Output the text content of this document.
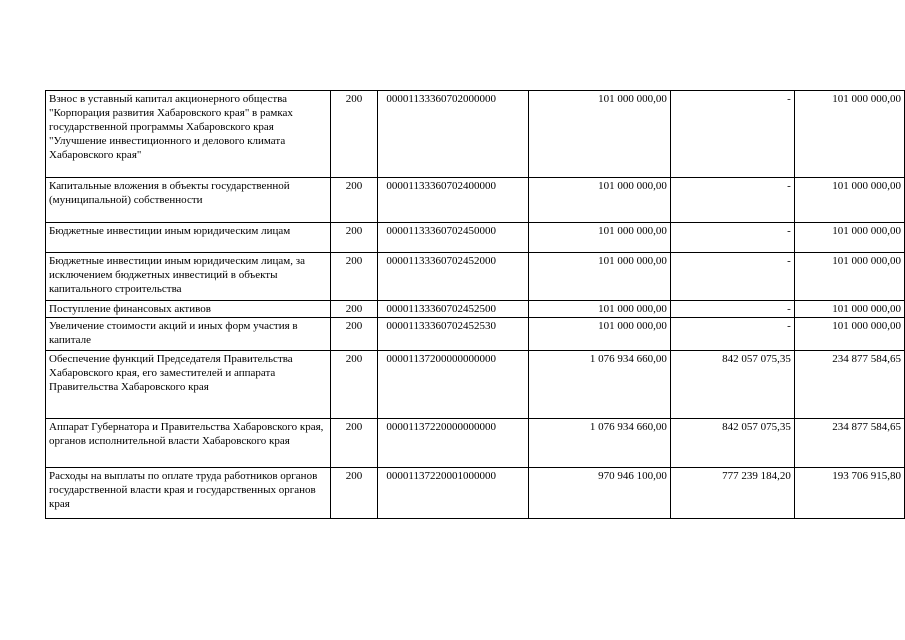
Взнос в уставный капитал акционерного общества "Корпорация развития Хабаровского края" в рамках государственной программы Хабаровского края "Улучшение инвестиционного и делового климата Хабаровского края"	200	00001133360702000000	101 000 000,00	-	101 000 000,00
Капитальные вложения в объекты государственной (муниципальной) собственности	200	00001133360702400000	101 000 000,00	-	101 000 000,00
Бюджетные инвестиции иным юридическим лицам	200	00001133360702450000	101 000 000,00	-	101 000 000,00
Бюджетные инвестиции иным юридическим лицам, за исключением бюджетных инвестиций в объекты капитального строительства	200	00001133360702452000	101 000 000,00	-	101 000 000,00
Поступление финансовых активов	200	00001133360702452500	101 000 000,00	-	101 000 000,00
Увеличение стоимости акций и иных форм участия в капитале	200	00001133360702452530	101 000 000,00	-	101 000 000,00
Обеспечение функций Председателя Правительства Хабаровского края, его заместителей и аппарата Правительства Хабаровского края	200	00001137200000000000	1 076 934 660,00	842 057 075,35	234 877 584,65
Аппарат Губернатора и Правительства Хабаровского края, органов исполнительной власти Хабаровского края	200	00001137220000000000	1 076 934 660,00	842 057 075,35	234 877 584,65
Расходы на выплаты по оплате труда работников органов государственной власти края и государственных органов края	200	00001137220001000000	970 946 100,00	777 239 184,20	193 706 915,80
